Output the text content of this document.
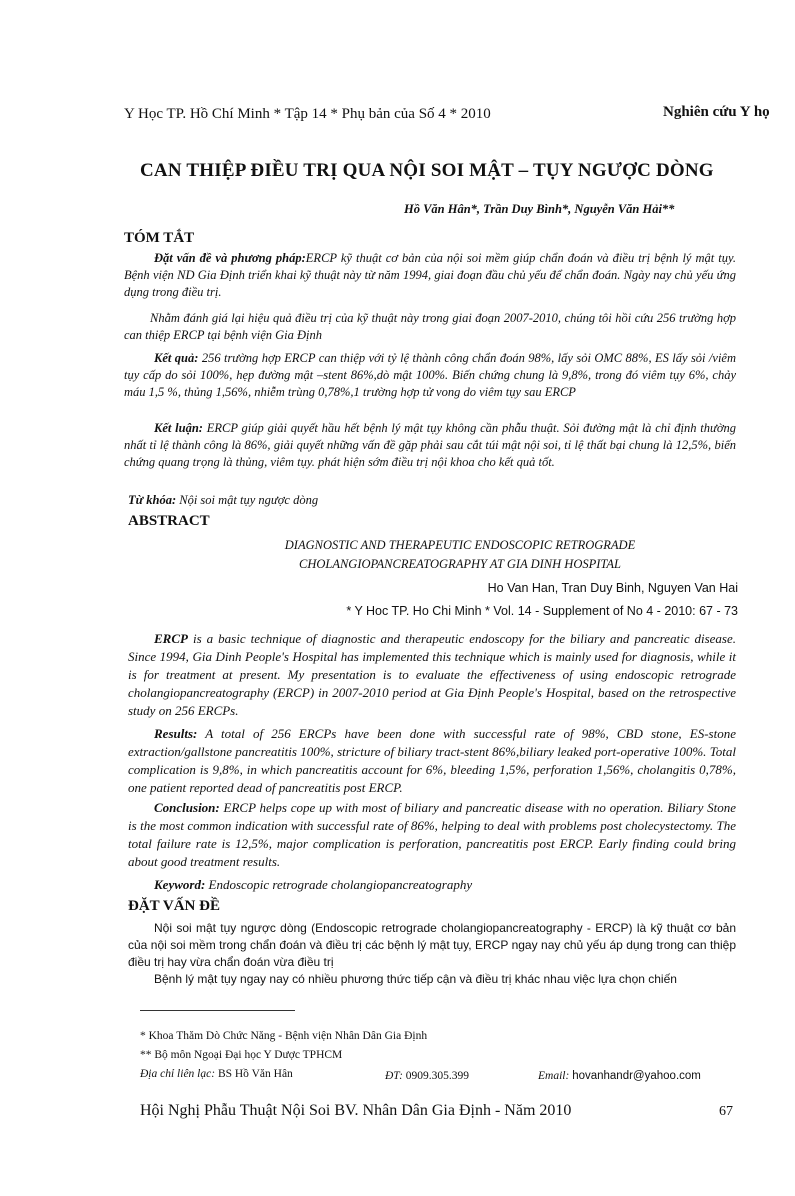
Y Học TP. Hồ Chí Minh * Tập 14 * Phụ bản của Số 4 * 2010	Nghiên cứu Y họ
CAN THIỆP ĐIỀU TRỊ QUA NỘI SOI MẬT – TỤY NGƯỢC DÒNG
Hồ Văn Hân*, Trần Duy Bình*, Nguyễn Văn Hải**
TÓM TẮT
Đặt vấn đề và phương pháp:ERCP kỹ thuật cơ bản của nội soi mềm giúp chẩn đoán và điều trị bệnh lý mật tụy. Bệnh viện ND Gia Định triển khai kỹ thuật này từ năm 1994, giai đoạn đầu chủ yếu để chẩn đoán. Ngày nay chủ yếu ứng dụng trong điều trị.
Nhằm đánh giá lại hiệu quả điều trị của kỹ thuật này trong giai đoạn 2007-2010, chúng tôi hồi cứu 256 trường hợp can thiệp ERCP tại bệnh viện Gia Định
Kết quả: 256 trường hợp ERCP can thiệp với tỷ lệ thành công chẩn đoán 98%, lấy sỏi OMC 88%, ES lấy sỏi /viêm tụy cấp do sỏi 100%, hẹp đường mật –stent 86%,dò mật 100%. Biến chứng chung là 9,8%, trong đó viêm tụy 6%, chảy máu 1,5 %, thủng 1,56%, nhiễm trùng 0,78%,1 trường hợp tử vong do viêm tụy sau ERCP
Kết luận: ERCP giúp giải quyết hầu hết bệnh lý mật tụy không cần phẫu thuật. Sỏi đường mật là chỉ định thường nhất tỉ lệ thành công là 86%, giải quyết những vấn đề gặp phải sau cắt túi mật nội soi, tỉ lệ thất bại chung là 12,5%, biến chứng quang trọng là thủng, viêm tụy. phát hiện sớm điều trị nội khoa cho kết quả tốt.
Từ khóa: Nội soi mật tụy ngược dòng
ABSTRACT
DIAGNOSTIC AND THERAPEUTIC ENDOSCOPIC RETROGRADE CHOLANGIOPANCREATOGRAPHY AT GIA DINH HOSPITAL
Ho Van Han, Tran Duy Binh, Nguyen Van Hai
* Y Hoc TP. Ho Chi Minh * Vol. 14 - Supplement of No 4 - 2010: 67 - 73
ERCP is a basic technique of diagnostic and therapeutic endoscopy for the biliary and pancreatic disease. Since 1994, Gia Dinh People's Hospital has implemented this technique which is mainly used for diagnosis, while it is for treatment at present. My presentation is to evaluate the effectiveness of using endoscopic retrograde cholangiopancreatography (ERCP) in 2007-2010 period at Gia Định People's Hospital, based on the retrospective study on 256 ERCPs.
Results: A total of 256 ERCPs have been done with successful rate of 98%, CBD stone, ES-stone extraction/gallstone pancreatitis 100%, stricture of biliary tract-stent 86%,biliary leaked port-operative 100%. Total complication is 9,8%, in which pancreatitis account for 6%, bleeding 1,5%, perforation 1,56%, cholangitis 0,78%, one patient reported dead of pancreatitis post ERCP.
Conclusion: ERCP helps cope up with most of biliary and pancreatic disease with no operation. Biliary Stone is the most common indication with successful rate of 86%, helping to deal with problems post cholecystectomy. The total failure rate is 12,5%, major complication is perforation, pancreatitis post ERCP. Early finding could bring about good treatment results.
Keyword: Endoscopic retrograde cholangiopancreatography
ĐẶT VẤN ĐỀ
Nội soi mật tụy ngược dòng (Endoscopic retrograde cholangiopancreatography - ERCP) là kỹ thuật cơ bản của nội soi mềm trong chẩn đoán và điều trị các bệnh lý mật tụy, ERCP ngay nay chủ yếu áp dụng trong can thiệp điều trị hay vừa chẩn đoán vừa điều trị
Bệnh lý mật tụy ngay nay có nhiều phương thức tiếp cận và điều trị khác nhau việc lựa chọn chiến
* Khoa Thăm Dò Chức Năng - Bệnh viện Nhân Dân Gia Định
** Bộ môn Ngoại Đại học Y Dược TPHCM
Địa chỉ liên lạc: BS Hồ Văn Hân	ĐT: 0909.305.399	Email: hovanhandr@yahoo.com
Hội Nghị Phẫu Thuật Nội Soi BV. Nhân Dân Gia Định - Năm 2010	67
